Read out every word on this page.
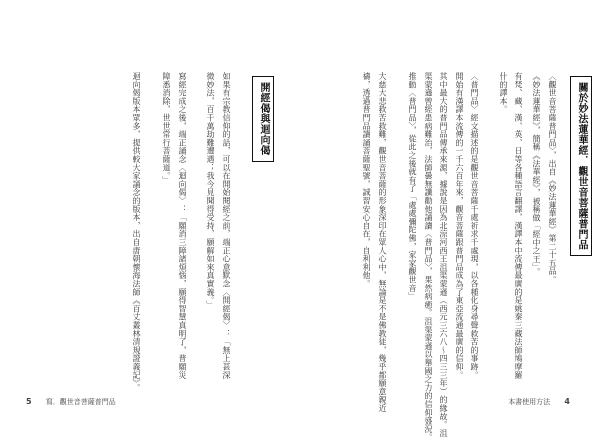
關於妙法蓮華經．觀世音菩薩普門品
〈觀世音菩薩普門品〉，出自《妙法蓮華經》第二十五品。
《妙法蓮華經》，簡稱《法華經》，被稱做「經中之王」。
有梵、藏、漢、英、日等各種語言翻譯，漢譯本中流傳最廣的是姚秦三藏法師鳩摩羅
什的譯本。
〈普門品〉經文描述的是觀世音菩薩千處祈求千處現，以各種化身尋聲救苦的事跡。
開始有漢譯本流傳的一千六百年來，觀音菩薩跟普門品成為了東亞流通最廣的信仰。
其中最大的普門品傳承來源，據說是因為北涼河西王沮渠蒙遜（西元三六八～四三三年）的緣故。沮
渠蒙遜曾經患病難治，法師曇無讖勸他誦讀〈普門品〉，果然病癒。沮渠蒙遜以舉國之力的信仰盛況。
推動〈普門品〉，從此之後就有了「處處彌陀佛，家家觀世音」
大慈大悲救苦救難，觀世音菩薩的形象深印在眾人心中，無論是不是佛教徒，幾乎都願意親近
禱，透過普門品讀誦菩薩聖號，誠習安心自在，自利利他。
本書使用方法 4
開經偈與迴向偈
如果有宗教信仰的話，可以在開始閱經之前，端正心意默念〈開經偈〉：「無上甚深
微妙法，百千萬劫難遭遇；我今見聞得受持，願解如來真實義。」
寫經完成之後，端正誦念〈迴向偈〉：「願消三障諸煩惱，願得智慧真明了，普願災
障悉消除，世世常行菩薩道。」
迴向偈版本眾多，提供較大家誦念的版本，出自唐朝懷海法師《百丈叢林清規證義記》。
5 寫．觀世音菩薩普門品
